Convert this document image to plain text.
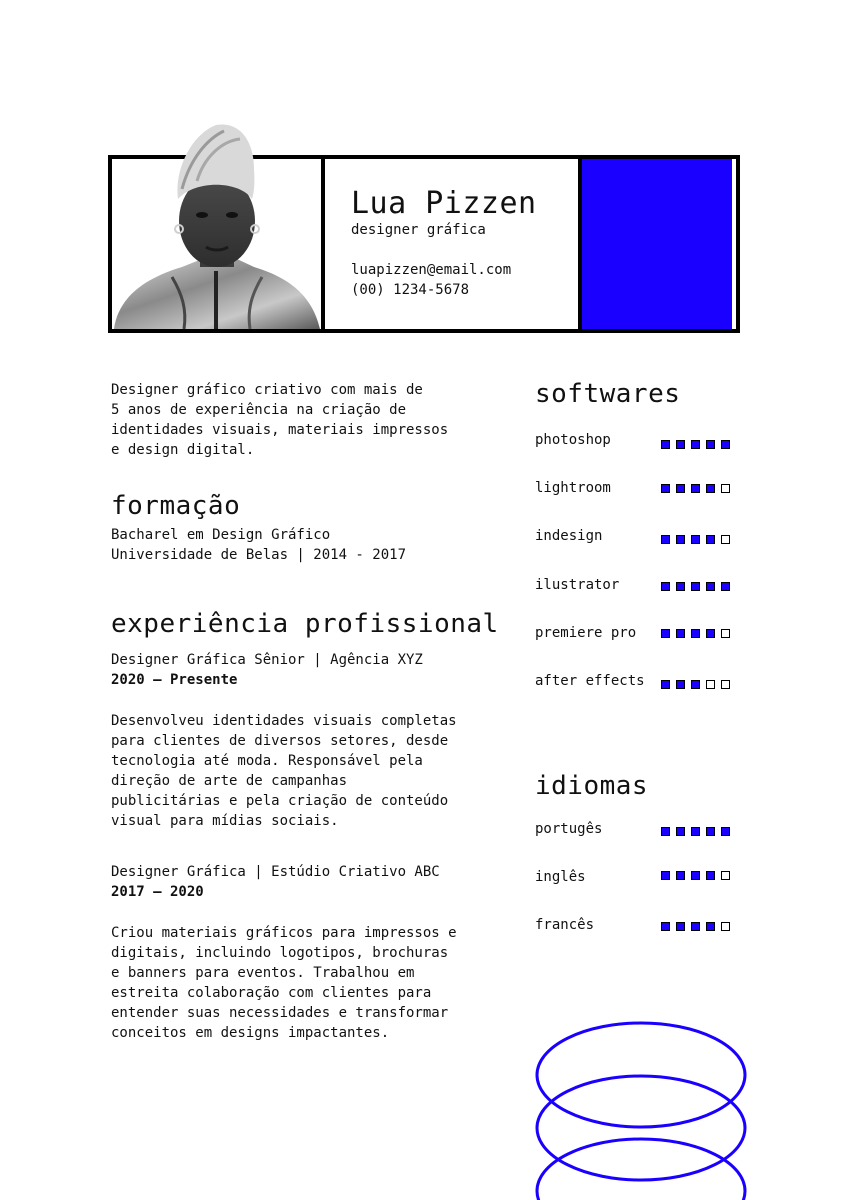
Lua Pizzen
designer gráfica
luapizzen@email.com
(00) 1234-5678
Designer gráfico criativo com mais de
5 anos de experiência na criação de
identidades visuais, materiais impressos
e design digital.
formação
Bacharel em Design Gráfico
Universidade de Belas | 2014 - 2017
experiência profissional
Designer Gráfica Sênior | Agência XYZ
2020 – Presente
Desenvolveu identidades visuais completas
para clientes de diversos setores, desde
tecnologia até moda. Responsável pela
direção de arte de campanhas
publicitárias e pela criação de conteúdo
visual para mídias sociais.
Designer Gráfica | Estúdio Criativo ABC
2017 – 2020
Criou materiais gráficos para impressos e
digitais, incluindo logotipos, brochuras
e banners para eventos. Trabalhou em
estreita colaboração com clientes para
entender suas necessidades e transformar
conceitos em designs impactantes.
softwares
photoshop
lightroom
indesign
ilustrator
premiere pro
after effects
idiomas
portugês
inglês
francês
